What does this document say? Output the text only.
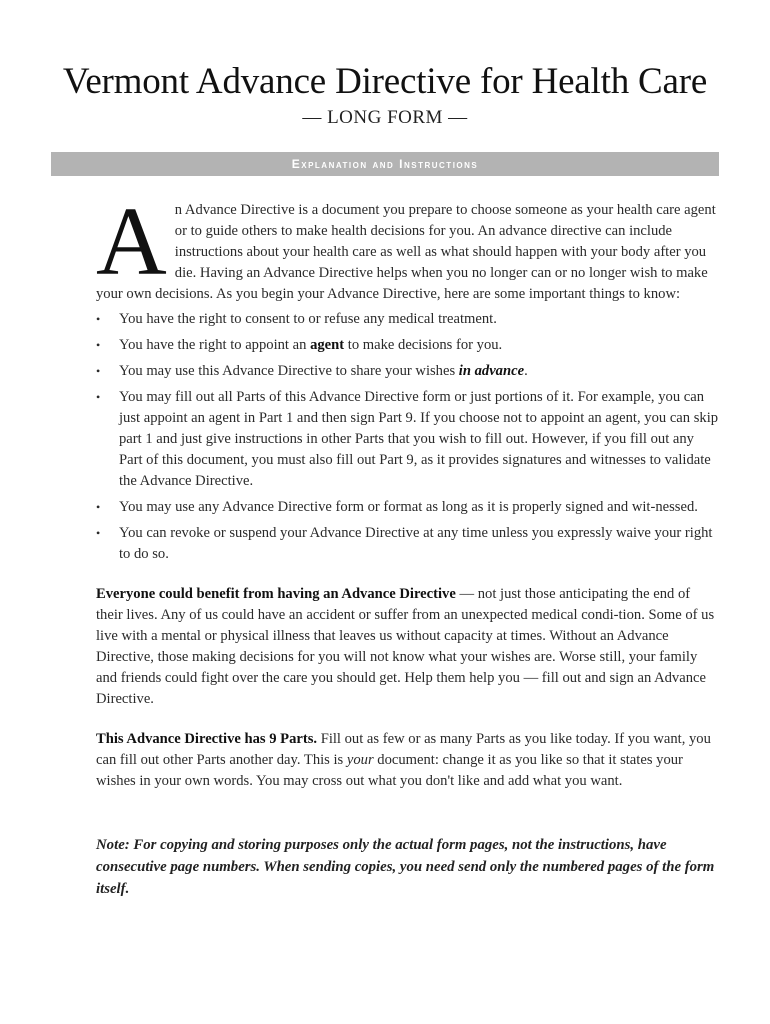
Vermont Advance Directive for Health Care
— LONG FORM —
Explanation and Instructions

An Advance Directive is a document you prepare to choose someone as your health care agent or to guide others to make health decisions for you. An advance directive can include instructions about your health care as well as what should happen with your body after you die. Having an Advance Directive helps when you no longer can or no longer wish to make your own decisions. As you begin your Advance Directive, here are some important things to know:

• You have the right to consent to or refuse any medical treatment.
• You have the right to appoint an agent to make decisions for you.
• You may use this Advance Directive to share your wishes in advance.
• You may fill out all Parts of this Advance Directive form or just portions of it. For example, you can just appoint an agent in Part 1 and then sign Part 9. If you choose not to appoint an agent, you can skip part 1 and just give instructions in other Parts that you wish to fill out. However, if you fill out any Part of this document, you must also fill out Part 9, as it provides signatures and witnesses to validate the Advance Directive.
• You may use any Advance Directive form or format as long as it is properly signed and wit-nessed.
• You can revoke or suspend your Advance Directive at any time unless you expressly waive your right to do so.

Everyone could benefit from having an Advance Directive — not just those anticipating the end of their lives. Any of us could have an accident or suffer from an unexpected medical condi-tion. Some of us live with a mental or physical illness that leaves us without capacity at times. Without an Advance Directive, those making decisions for you will not know what your wishes are. Worse still, your family and friends could fight over the care you should get. Help them help you — fill out and sign an Advance Directive.

This Advance Directive has 9 Parts. Fill out as few or as many Parts as you like today. If you want, you can fill out other Parts another day. This is your document: change it as you like so that it states your wishes in your own words. You may cross out what you don't like and add what you want.

Note: For copying and storing purposes only the actual form pages, not the instructions, have consecutive page numbers. When sending copies, you need send only the numbered pages of the form itself.
